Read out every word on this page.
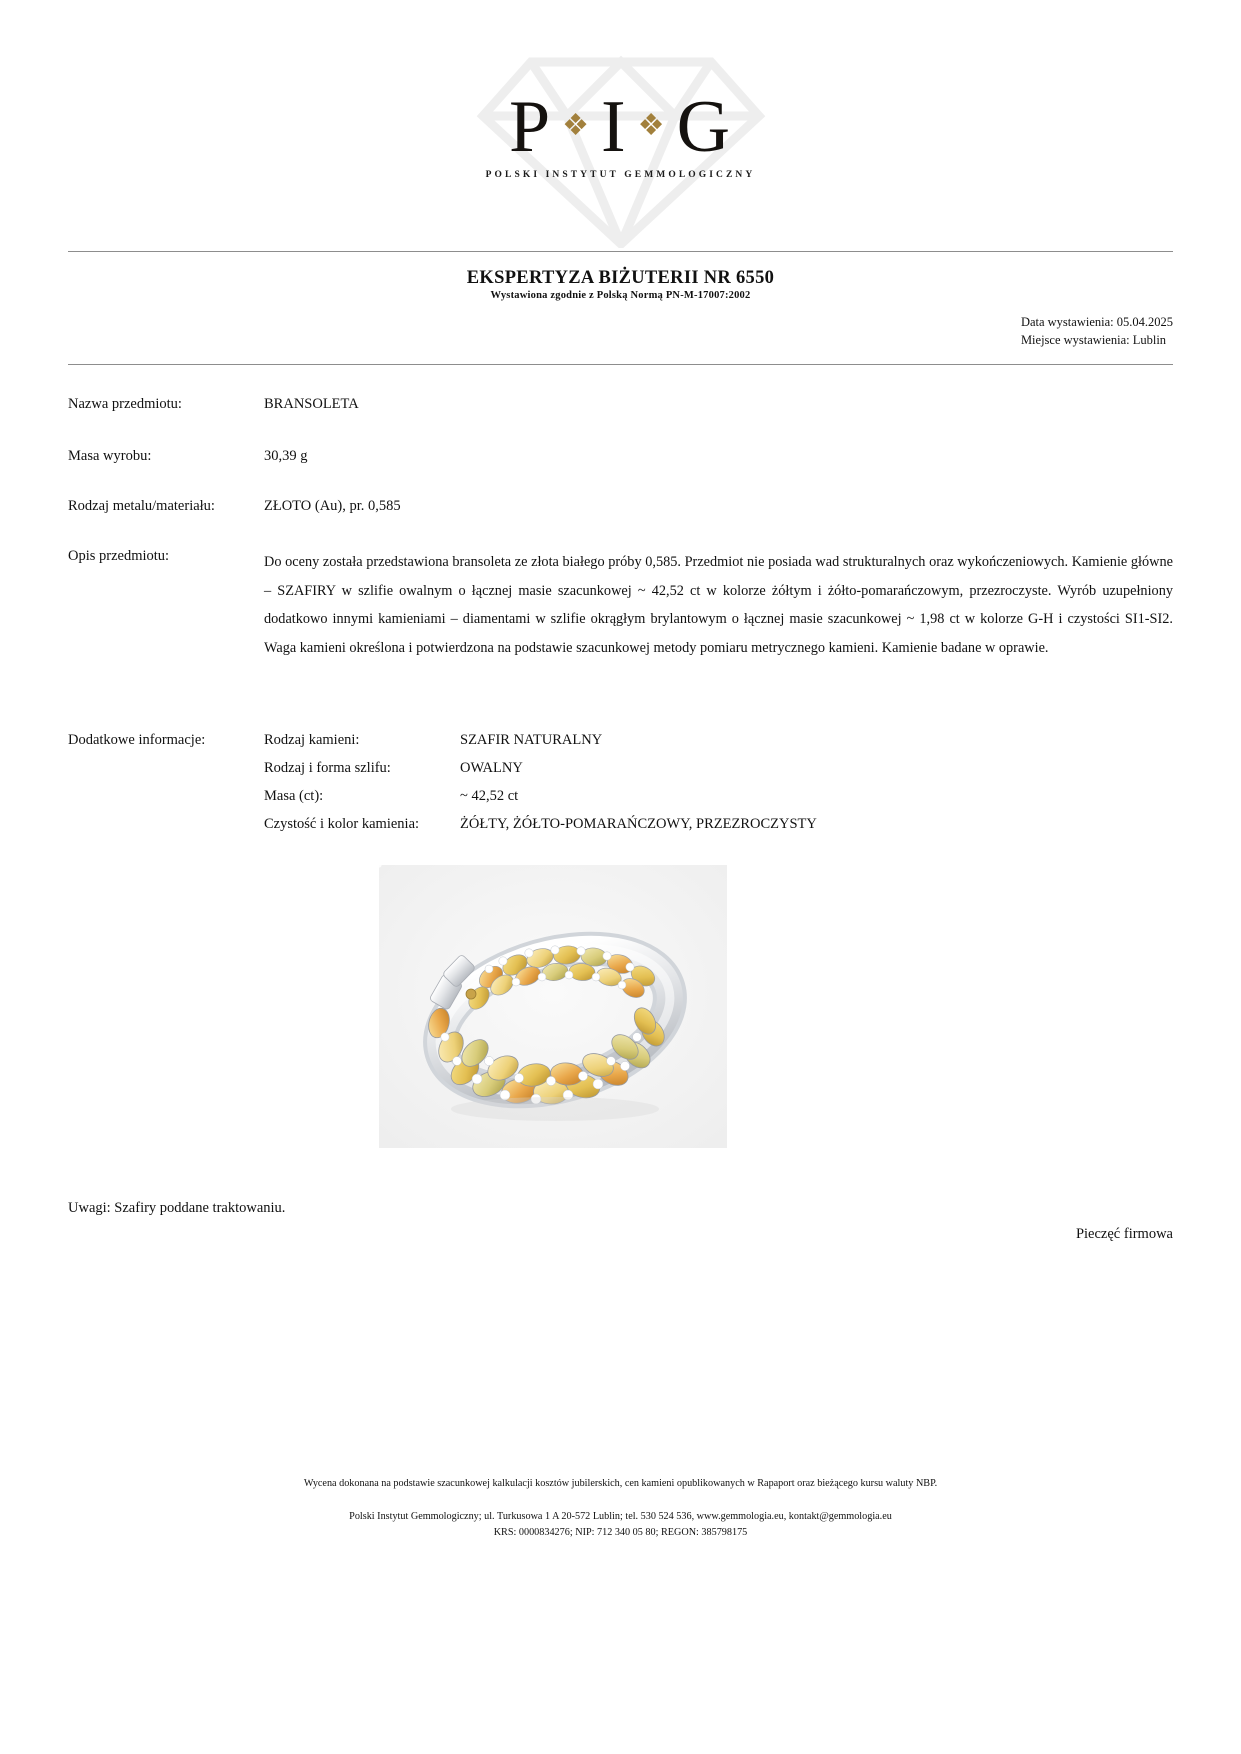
P ❖ I ❖ G
POLSKI INSTYTUT GEMMOLOGICZNY
EKSPERTYZA BIŻUTERII NR 6550
Wystawiona zgodnie z Polską Normą PN-M-17007:2002
Data wystawienia: 05.04.2025
Miejsce wystawienia: Lublin
Nazwa przedmiotu:	BRANSOLETA
Masa wyrobu:	30,39 g
Rodzaj metalu/materiału:	ZŁOTO (Au), pr. 0,585
Opis przedmiotu:	Do oceny została przedstawiona bransoleta ze złota białego próby 0,585. Przedmiot nie posiada wad strukturalnych oraz wykończeniowych. Kamienie główne – SZAFIRY w szlifie owalnym o łącznej masie szacunkowej ~ 42,52 ct w kolorze żółtym i żółto-pomarańczowym, przezroczyste. Wyrób uzupełniony dodatkowo innymi kamieniami – diamentami w szlifie okrągłym brylantowym o łącznej masie szacunkowej ~ 1,98 ct w kolorze G-H i czystości SI1-SI2. Waga kamieni określona i potwierdzona na podstawie szacunkowej metody pomiaru metrycznego kamieni. Kamienie badane w oprawie.
Dodatkowe informacje:	Rodzaj kamieni:	SZAFIR NATURALNY
Rodzaj i forma szlifu:	OWALNY
Masa (ct):	~ 42,52 ct
Czystość i kolor kamienia:	ŻÓŁTY, ŻÓŁTO-POMARAŃCZOWY, PRZEZROCZYSTY
Uwagi: Szafiry poddane traktowaniu.
Pieczęć firmowa
Wycena dokonana na podstawie szacunkowej kalkulacji kosztów jubilerskich, cen kamieni opublikowanych w Rapaport oraz bieżącego kursu waluty NBP.
Polski Instytut Gemmologiczny; ul. Turkusowa 1 A 20-572 Lublin; tel. 530 524 536, www.gemmologia.eu, kontakt@gemmologia.eu
KRS: 0000834276; NIP: 712 340 05 80; REGON: 385798175
